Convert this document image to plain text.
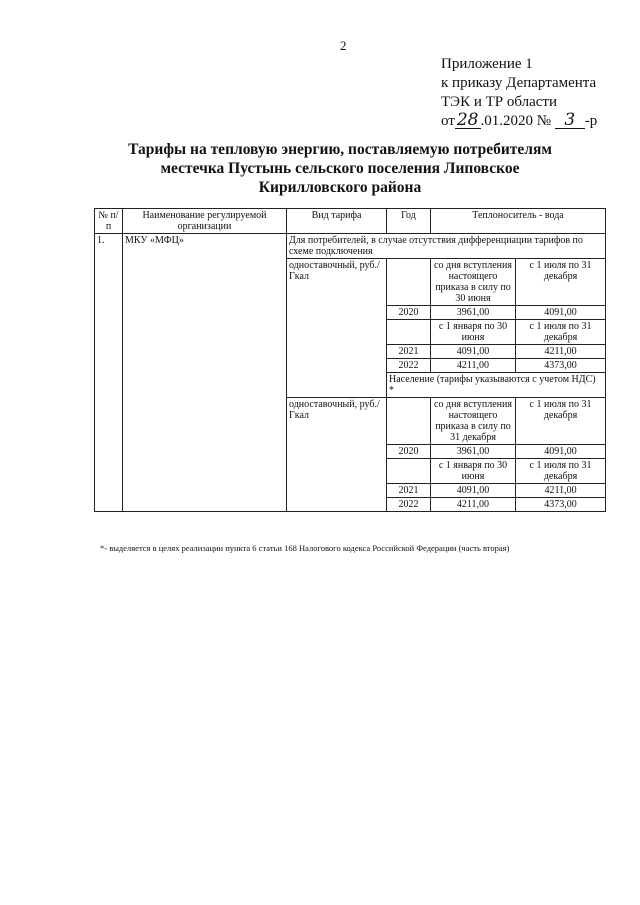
2
Приложение 1
к приказу Департамента
ТЭК и ТР области
от 28 .01.2020 № 3 -р
Тарифы на тепловую энергию, поставляемую потребителям
местечка Пустынь сельского поселения Липовское
Кирилловского района
№ п/п	Наименование регулируемой организации	Вид тарифа	Год	Теплоноситель - вода	
1.	МКУ «МФЦ»	Для потребителей, в случае отсутствия дифференциации тарифов по схеме подключения			
		одноставочный, руб./Гкал		со дня вступления настоящего приказа в силу по 30 июня	с 1 июля по 31 декабря
			2020	3961,00	4091,00
				с 1 января по 30 июня	с 1 июля по 31 декабря
			2021	4091,00	4211,00
			2022	4211,00	4373,00
			Население (тарифы указываются с учетом НДС) *		
		одноставочный, руб./Гкал		со дня вступления настоящего приказа в силу по 31 декабря	с 1 июля по 31 декабря
			2020	3961,00	4091,00
				с 1 января по 30 июня	с 1 июля по 31 декабря
			2021	4091,00	4211,00
			2022	4211,00	4373,00
*- выделяется в целях реализации пункта 6 статьи 168 Налогового кодекса Российской Федерации (часть вторая)
